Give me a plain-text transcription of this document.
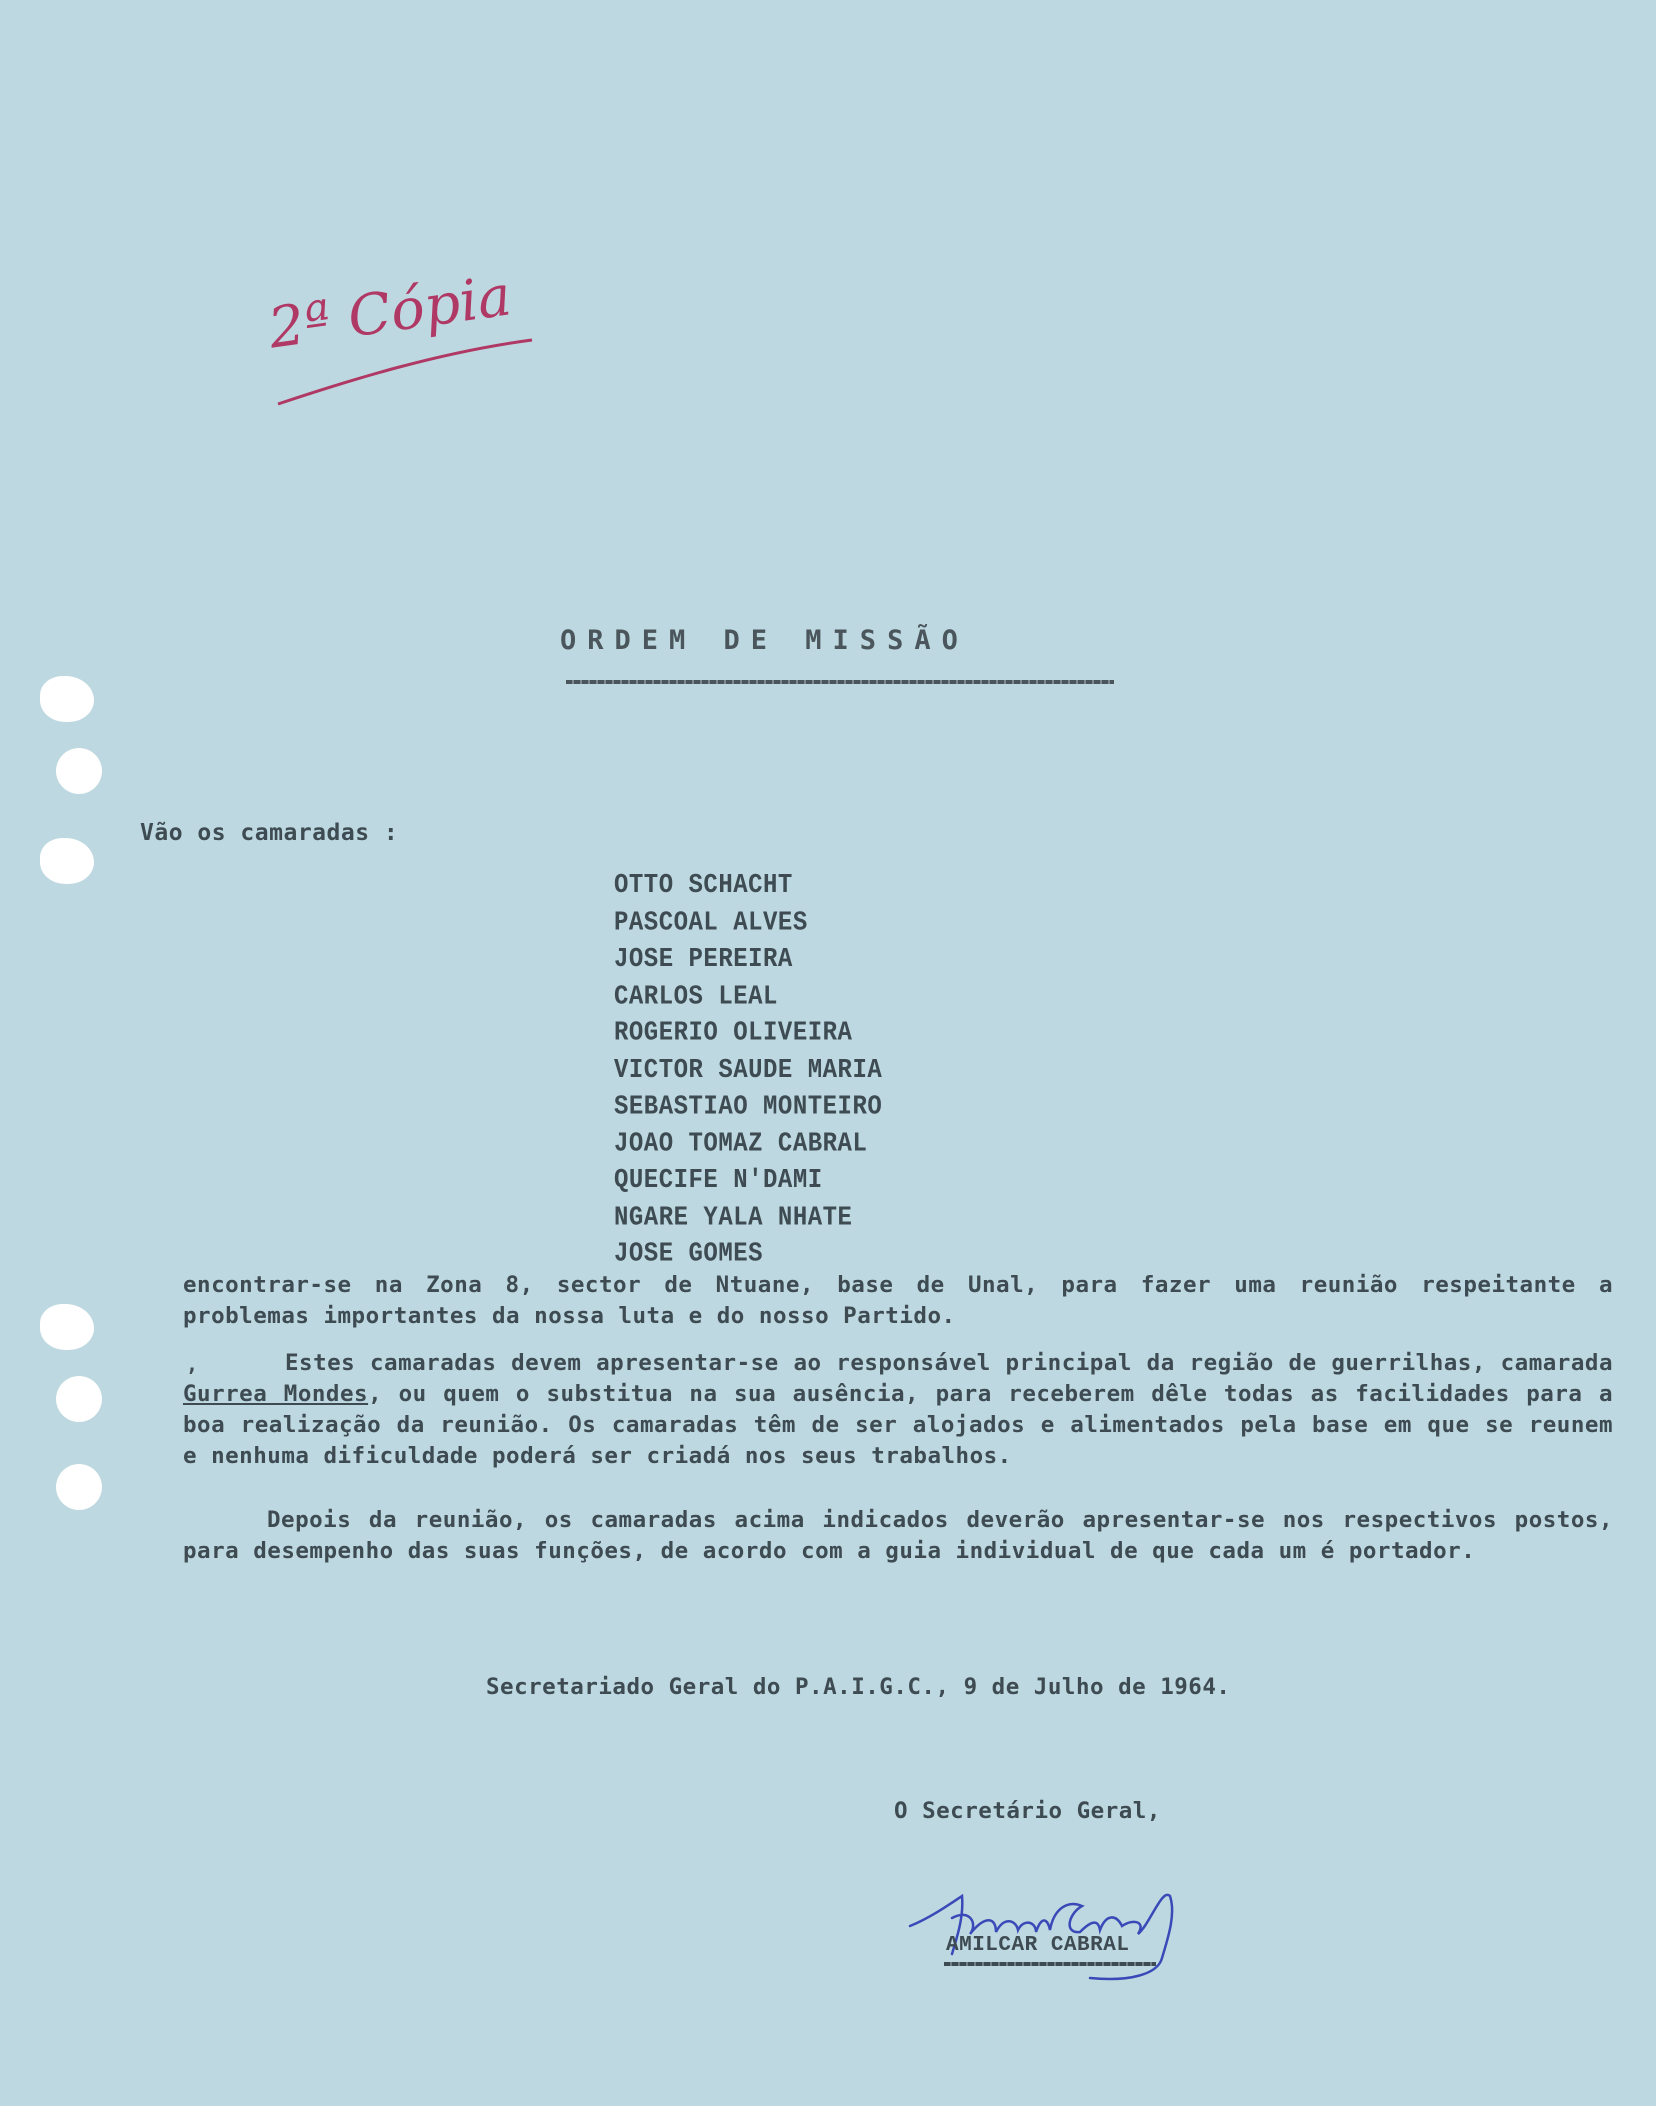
2ª Cópia
ORDEM DE MISSÃO
Vão os camaradas :
OTTO SCHACHT
PASCOAL ALVES
JOSE PEREIRA
CARLOS LEAL
ROGERIO OLIVEIRA
VICTOR SAUDE MARIA
SEBASTIAO MONTEIRO
JOAO TOMAZ CABRAL
QUECIFE N'DAMI
NGARE YALA NHATE
JOSE GOMES

encontrar-se na Zona 8, sector de Ntuane, base de Unal, para fazer uma reunião respeitante a problemas importantes da nossa luta e do nosso Partido.

,	Estes camaradas devem apresentar-se ao responsável principal da região de guerrilhas, camarada Gurrea Mondes, ou quem o substitua na sua ausência, para receberem dêle todas as facilidades para a boa realização da reunião. Os camaradas têm de ser alojados e alimentados pela base em que se reunem e nenhuma dificuldade poderá ser criadá nos seus trabalhos.

Depois da reunião, os camaradas acima indicados deverão apresentar-se nos respectivos postos, para desempenho das suas funções, de acordo com a guia individual de que cada um é portador.

Secretariado Geral do P.A.I.G.C., 9 de Julho de 1964.
O Secretário Geral,
AMILCAR CABRAL
